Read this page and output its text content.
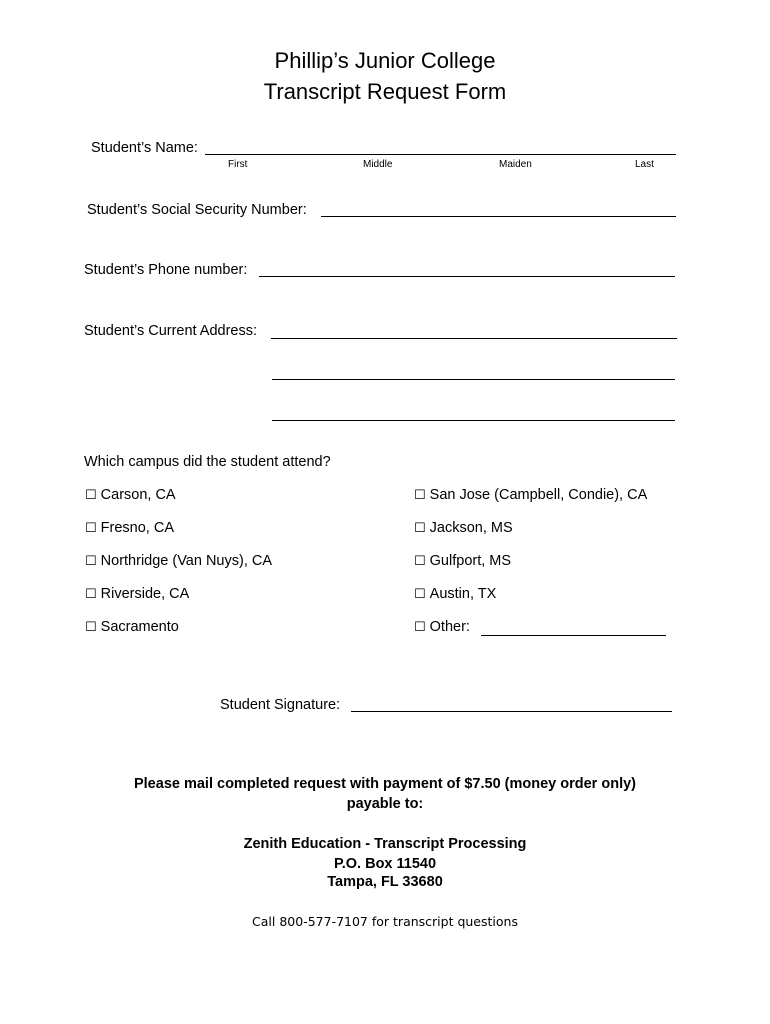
Phillip’s Junior College
Transcript Request Form
Student’s Name:
First	Middle	Maiden	Last
Student’s Social Security Number:
Student’s Phone number:
Student’s Current Address:
Which campus did the student attend?
☐ Carson, CA
☐ Fresno, CA
☐ Northridge (Van Nuys), CA
☐ Riverside, CA
☐ Sacramento
☐ San Jose (Campbell, Condie), CA
☐ Jackson, MS
☐ Gulfport, MS
☐ Austin, TX
☐ Other:
Student Signature:
Please mail completed request with payment of $7.50 (money order only)
payable to:
Zenith Education - Transcript Processing
P.O. Box 11540
Tampa, FL 33680
Call 800-577-7107 for transcript questions
